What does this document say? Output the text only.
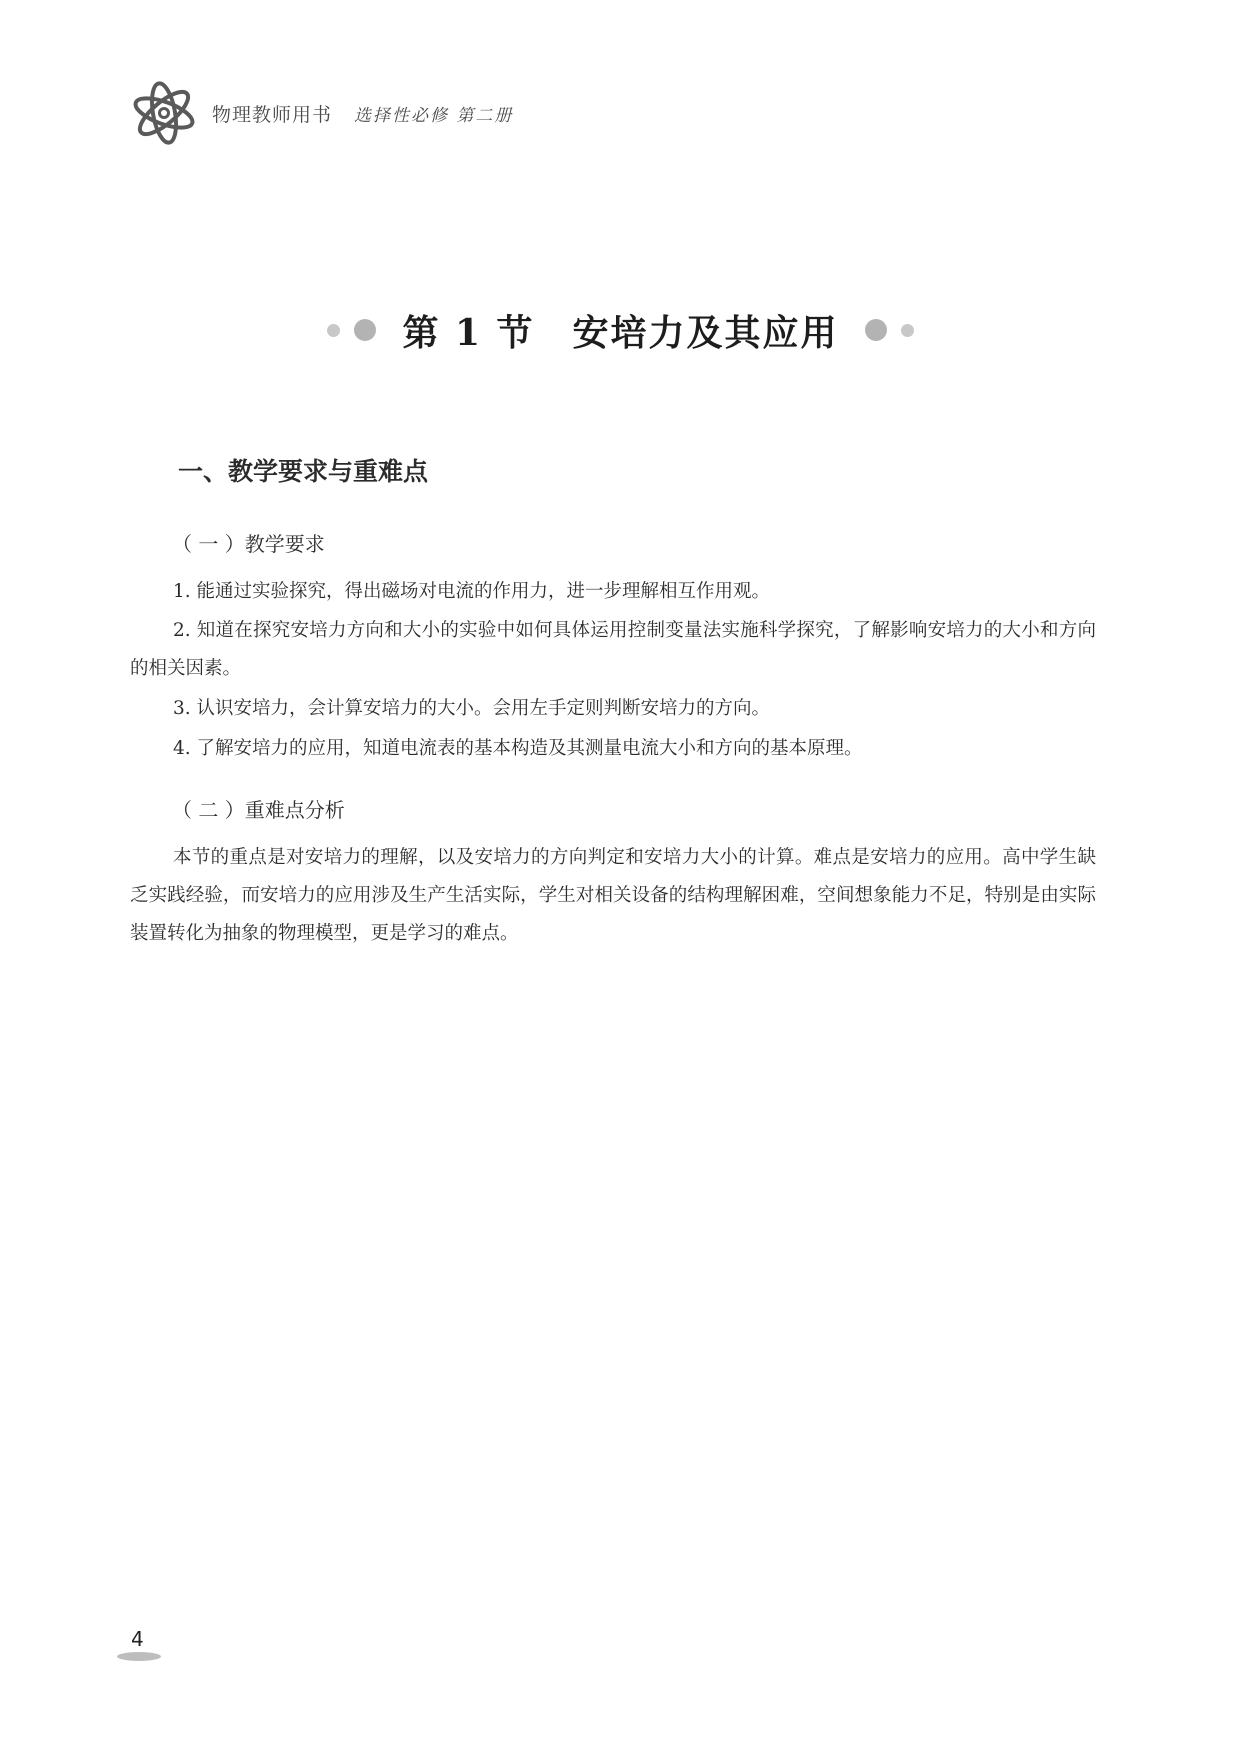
物理教师用书 选择性必修 第二册
第 1 节　安培力及其应用
一、教学要求与重难点
（ 一 ）教学要求
1. 能通过实验探究，得出磁场对电流的作用力，进一步理解相互作用观。
2. 知道在探究安培力方向和大小的实验中如何具体运用控制变量法实施科学探究，了解影响安培力的大小和方向的相关因素。
3. 认识安培力，会计算安培力的大小。会用左手定则判断安培力的方向。
4. 了解安培力的应用，知道电流表的基本构造及其测量电流大小和方向的基本原理。
（ 二 ）重难点分析
本节的重点是对安培力的理解，以及安培力的方向判定和安培力大小的计算。难点是安培力的应用。高中学生缺乏实践经验，而安培力的应用涉及生产生活实际，学生对相关设备的结构理解困难，空间想象能力不足，特别是由实际装置转化为抽象的物理模型，更是学习的难点。
4
